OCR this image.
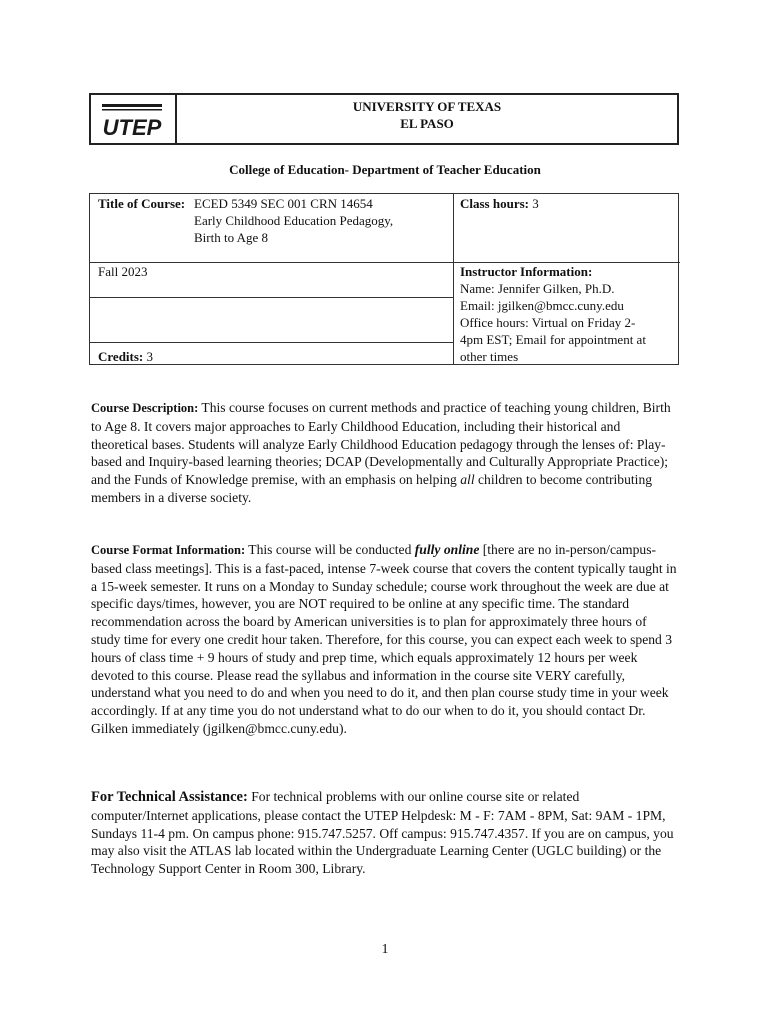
UTEP
UNIVERSITY OF TEXAS
EL PASO
College of Education- Department of Teacher Education
Title of Course: ECED 5349 SEC 001 CRN 14654
Early Childhood Education Pedagogy,
Birth to Age 8
Class hours: 3
Fall 2023
Credits: 3
Instructor Information:
Name: Jennifer Gilken, Ph.D.
Email: jgilken@bmcc.cuny.edu
Office hours: Virtual on Friday 2-
4pm EST; Email for appointment at
other times
Course Description: This course focuses on current methods and practice of teaching young children, Birth to Age 8. It covers major approaches to Early Childhood Education, including their historical and theoretical bases. Students will analyze Early Childhood Education pedagogy through the lenses of: Play-based and Inquiry-based learning theories; DCAP (Developmentally and Culturally Appropriate Practice); and the Funds of Knowledge premise, with an emphasis on helping all children to become contributing members in a diverse society.
Course Format Information: This course will be conducted fully online [there are no in-person/campus-based class meetings]. This is a fast-paced, intense 7-week course that covers the content typically taught in a 15-week semester. It runs on a Monday to Sunday schedule; course work throughout the week are due at specific days/times, however, you are NOT required to be online at any specific time. The standard recommendation across the board by American universities is to plan for approximately three hours of study time for every one credit hour taken. Therefore, for this course, you can expect each week to spend 3 hours of class time + 9 hours of study and prep time, which equals approximately 12 hours per week devoted to this course. Please read the syllabus and information in the course site VERY carefully, understand what you need to do and when you need to do it, and then plan course study time in your week accordingly. If at any time you do not understand what to do our when to do it, you should contact Dr. Gilken immediately (jgilken@bmcc.cuny.edu).
For Technical Assistance: For technical problems with our online course site or related computer/Internet applications, please contact the UTEP Helpdesk: M - F: 7AM - 8PM, Sat: 9AM - 1PM, Sundays 11-4 pm. On campus phone: 915.747.5257. Off campus: 915.747.4357. If you are on campus, you may also visit the ATLAS lab located within the Undergraduate Learning Center (UGLC building) or the Technology Support Center in Room 300, Library.
1
